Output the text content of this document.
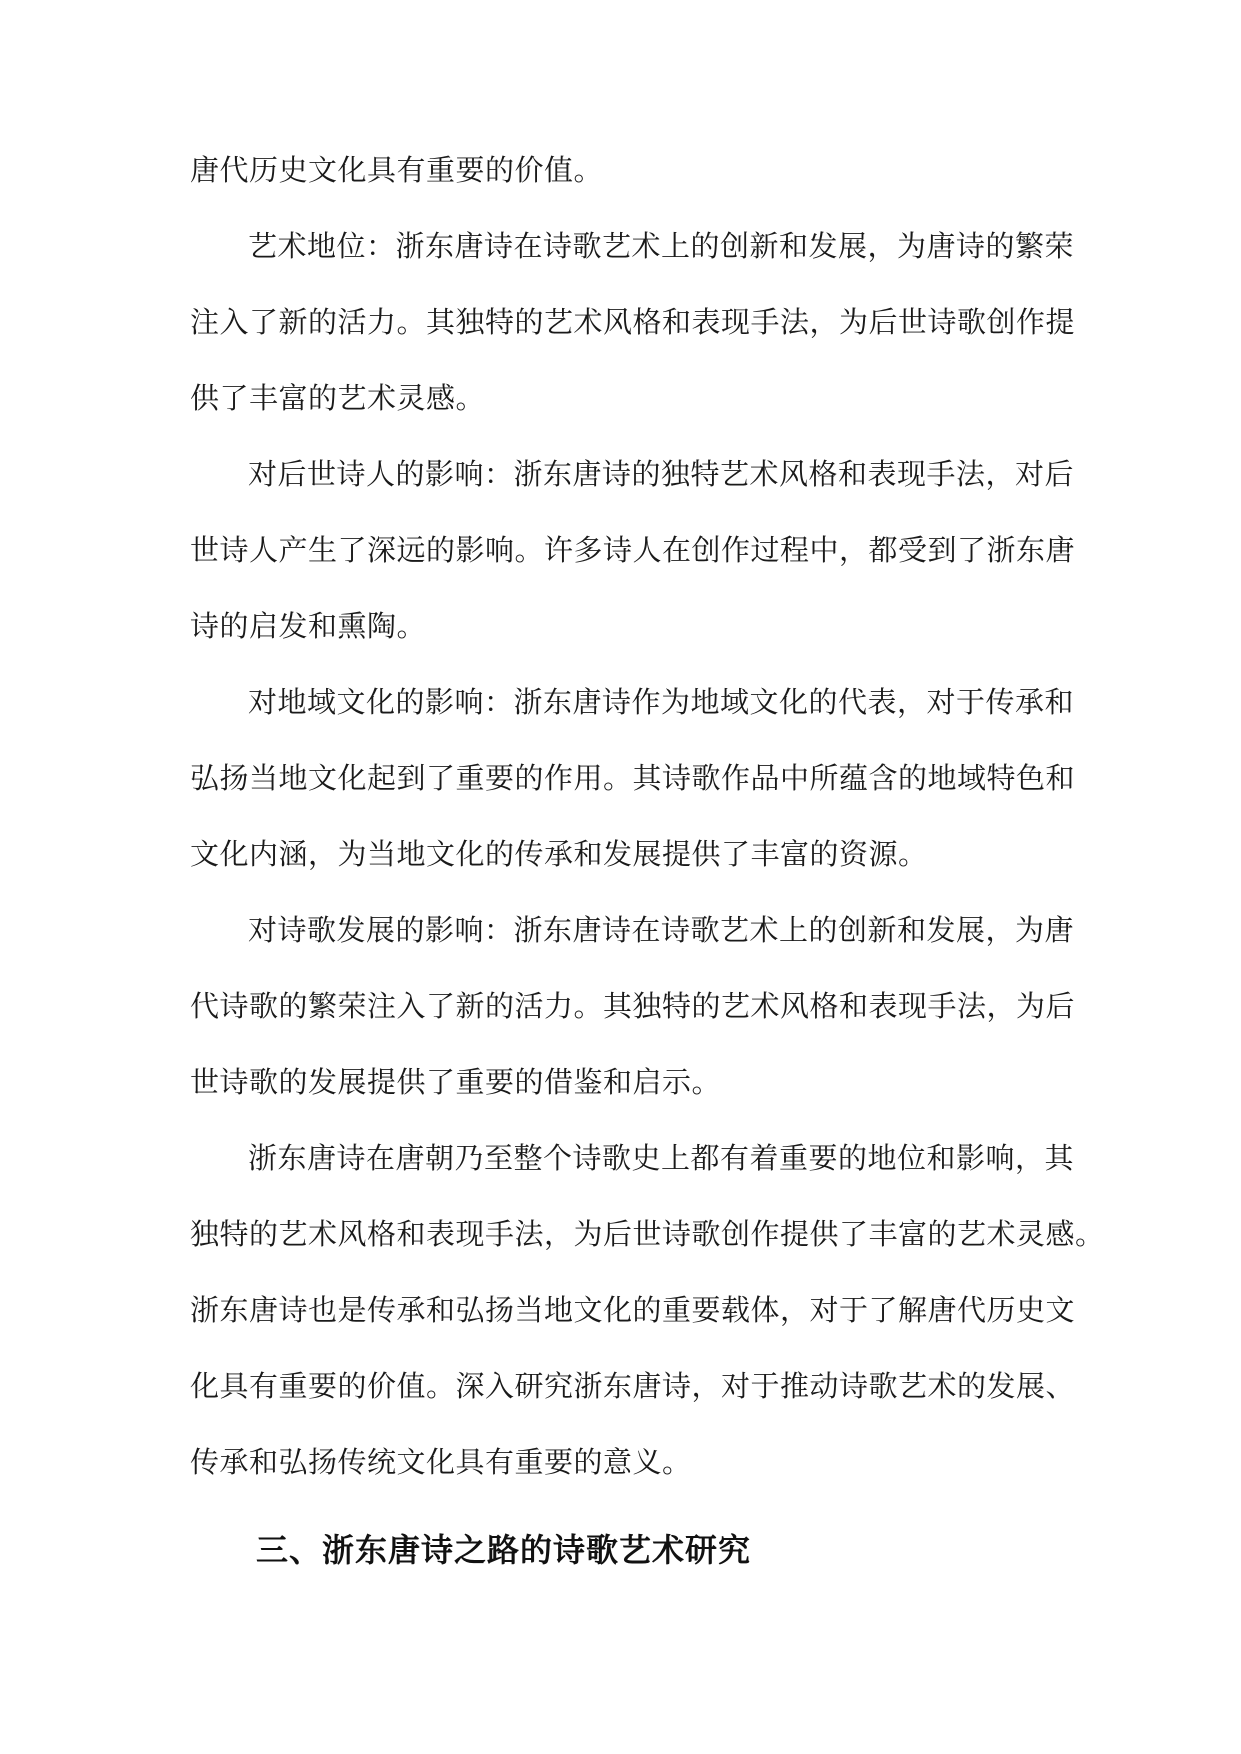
唐代历史文化具有重要的价值。
艺术地位：浙东唐诗在诗歌艺术上的创新和发展，为唐诗的繁荣
注入了新的活力。其独特的艺术风格和表现手法，为后世诗歌创作提
供了丰富的艺术灵感。
对后世诗人的影响：浙东唐诗的独特艺术风格和表现手法，对后
世诗人产生了深远的影响。许多诗人在创作过程中，都受到了浙东唐
诗的启发和熏陶。
对地域文化的影响：浙东唐诗作为地域文化的代表，对于传承和
弘扬当地文化起到了重要的作用。其诗歌作品中所蕴含的地域特色和
文化内涵，为当地文化的传承和发展提供了丰富的资源。
对诗歌发展的影响：浙东唐诗在诗歌艺术上的创新和发展，为唐
代诗歌的繁荣注入了新的活力。其独特的艺术风格和表现手法，为后
世诗歌的发展提供了重要的借鉴和启示。
浙东唐诗在唐朝乃至整个诗歌史上都有着重要的地位和影响，其
独特的艺术风格和表现手法，为后世诗歌创作提供了丰富的艺术灵感。
浙东唐诗也是传承和弘扬当地文化的重要载体，对于了解唐代历史文
化具有重要的价值。深入研究浙东唐诗，对于推动诗歌艺术的发展、
传承和弘扬传统文化具有重要的意义。
三、浙东唐诗之路的诗歌艺术研究
